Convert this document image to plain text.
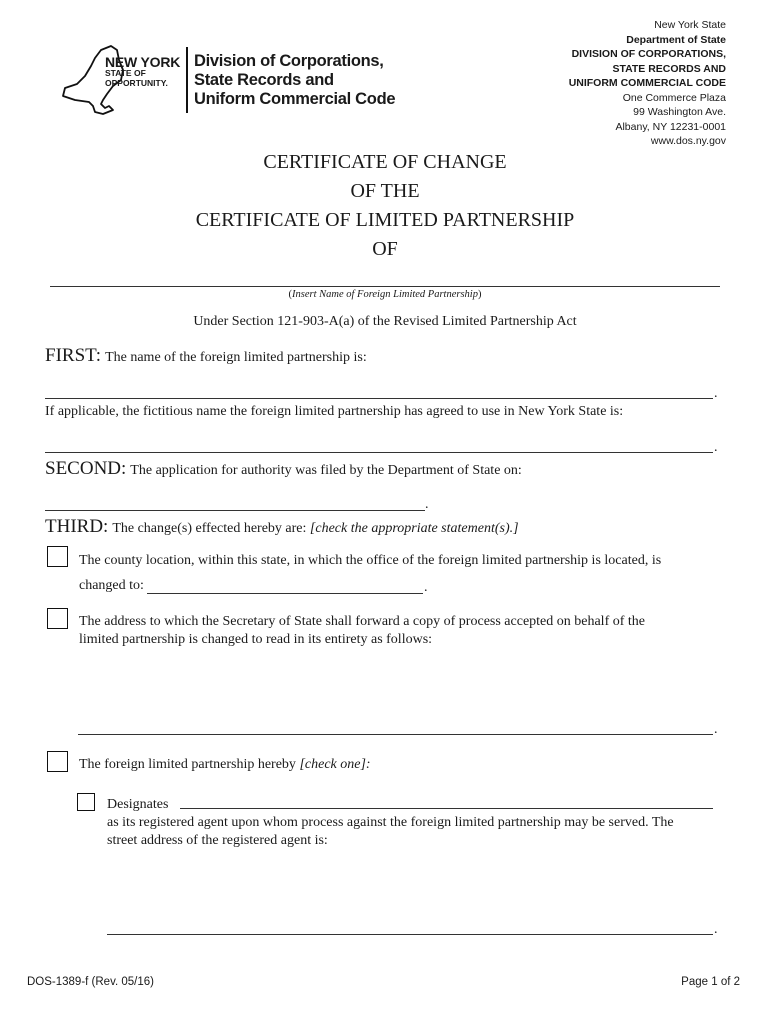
NEW YORK
STATE OF
OPPORTUNITY.
Division of Corporations,
State Records and
Uniform Commercial Code
New York State
Department of State
DIVISION OF CORPORATIONS,
STATE RECORDS AND
UNIFORM COMMERCIAL CODE
One Commerce Plaza
99 Washington Ave.
Albany, NY 12231-0001
www.dos.ny.gov
CERTIFICATE OF CHANGE
OF THE
CERTIFICATE OF LIMITED PARTNERSHIP
OF
(Insert Name of Foreign Limited Partnership)
Under Section 121-903-A(a) of the Revised Limited Partnership Act
FIRST: The name of the foreign limited partnership is:
.
If applicable, the fictitious name the foreign limited partnership has agreed to use in New York State is:
.
SECOND: The application for authority was filed by the Department of State on:
.
THIRD: The change(s) effected hereby are: [check the appropriate statement(s).]
The county location, within this state, in which the office of the foreign limited partnership is located, is
changed to:	.
The address to which the Secretary of State shall forward a copy of process accepted on behalf of the
limited partnership is changed to read in its entirety as follows:
.
The foreign limited partnership hereby [check one]:
Designates
as its registered agent upon whom process against the foreign limited partnership may be served. The
street address of the registered agent is:
.
DOS-1389-f (Rev. 05/16)	Page 1 of 2
